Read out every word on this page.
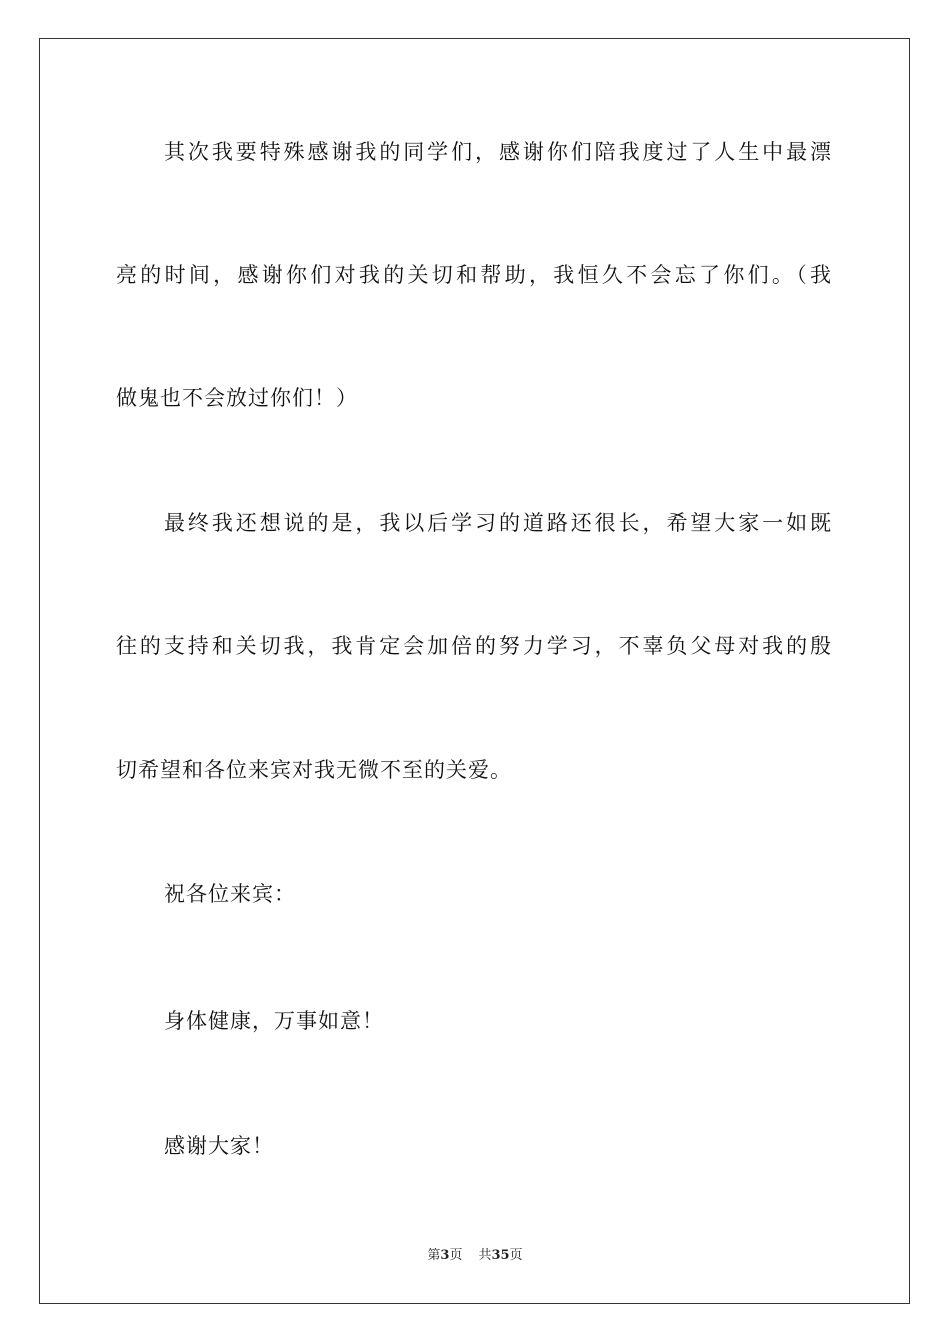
其次我要特殊感谢我的同学们，感谢你们陪我度过了人生中最漂
亮的时间，感谢你们对我的关切和帮助，我恒久不会忘了你们。（我
做鬼也不会放过你们！）
最终我还想说的是，我以后学习的道路还很长，希望大家一如既
往的支持和关切我，我肯定会加倍的努力学习，不辜负父母对我的殷
切希望和各位来宾对我无微不至的关爱。
祝各位来宾：
身体健康，万事如意！
感谢大家！
第3页 共35页
